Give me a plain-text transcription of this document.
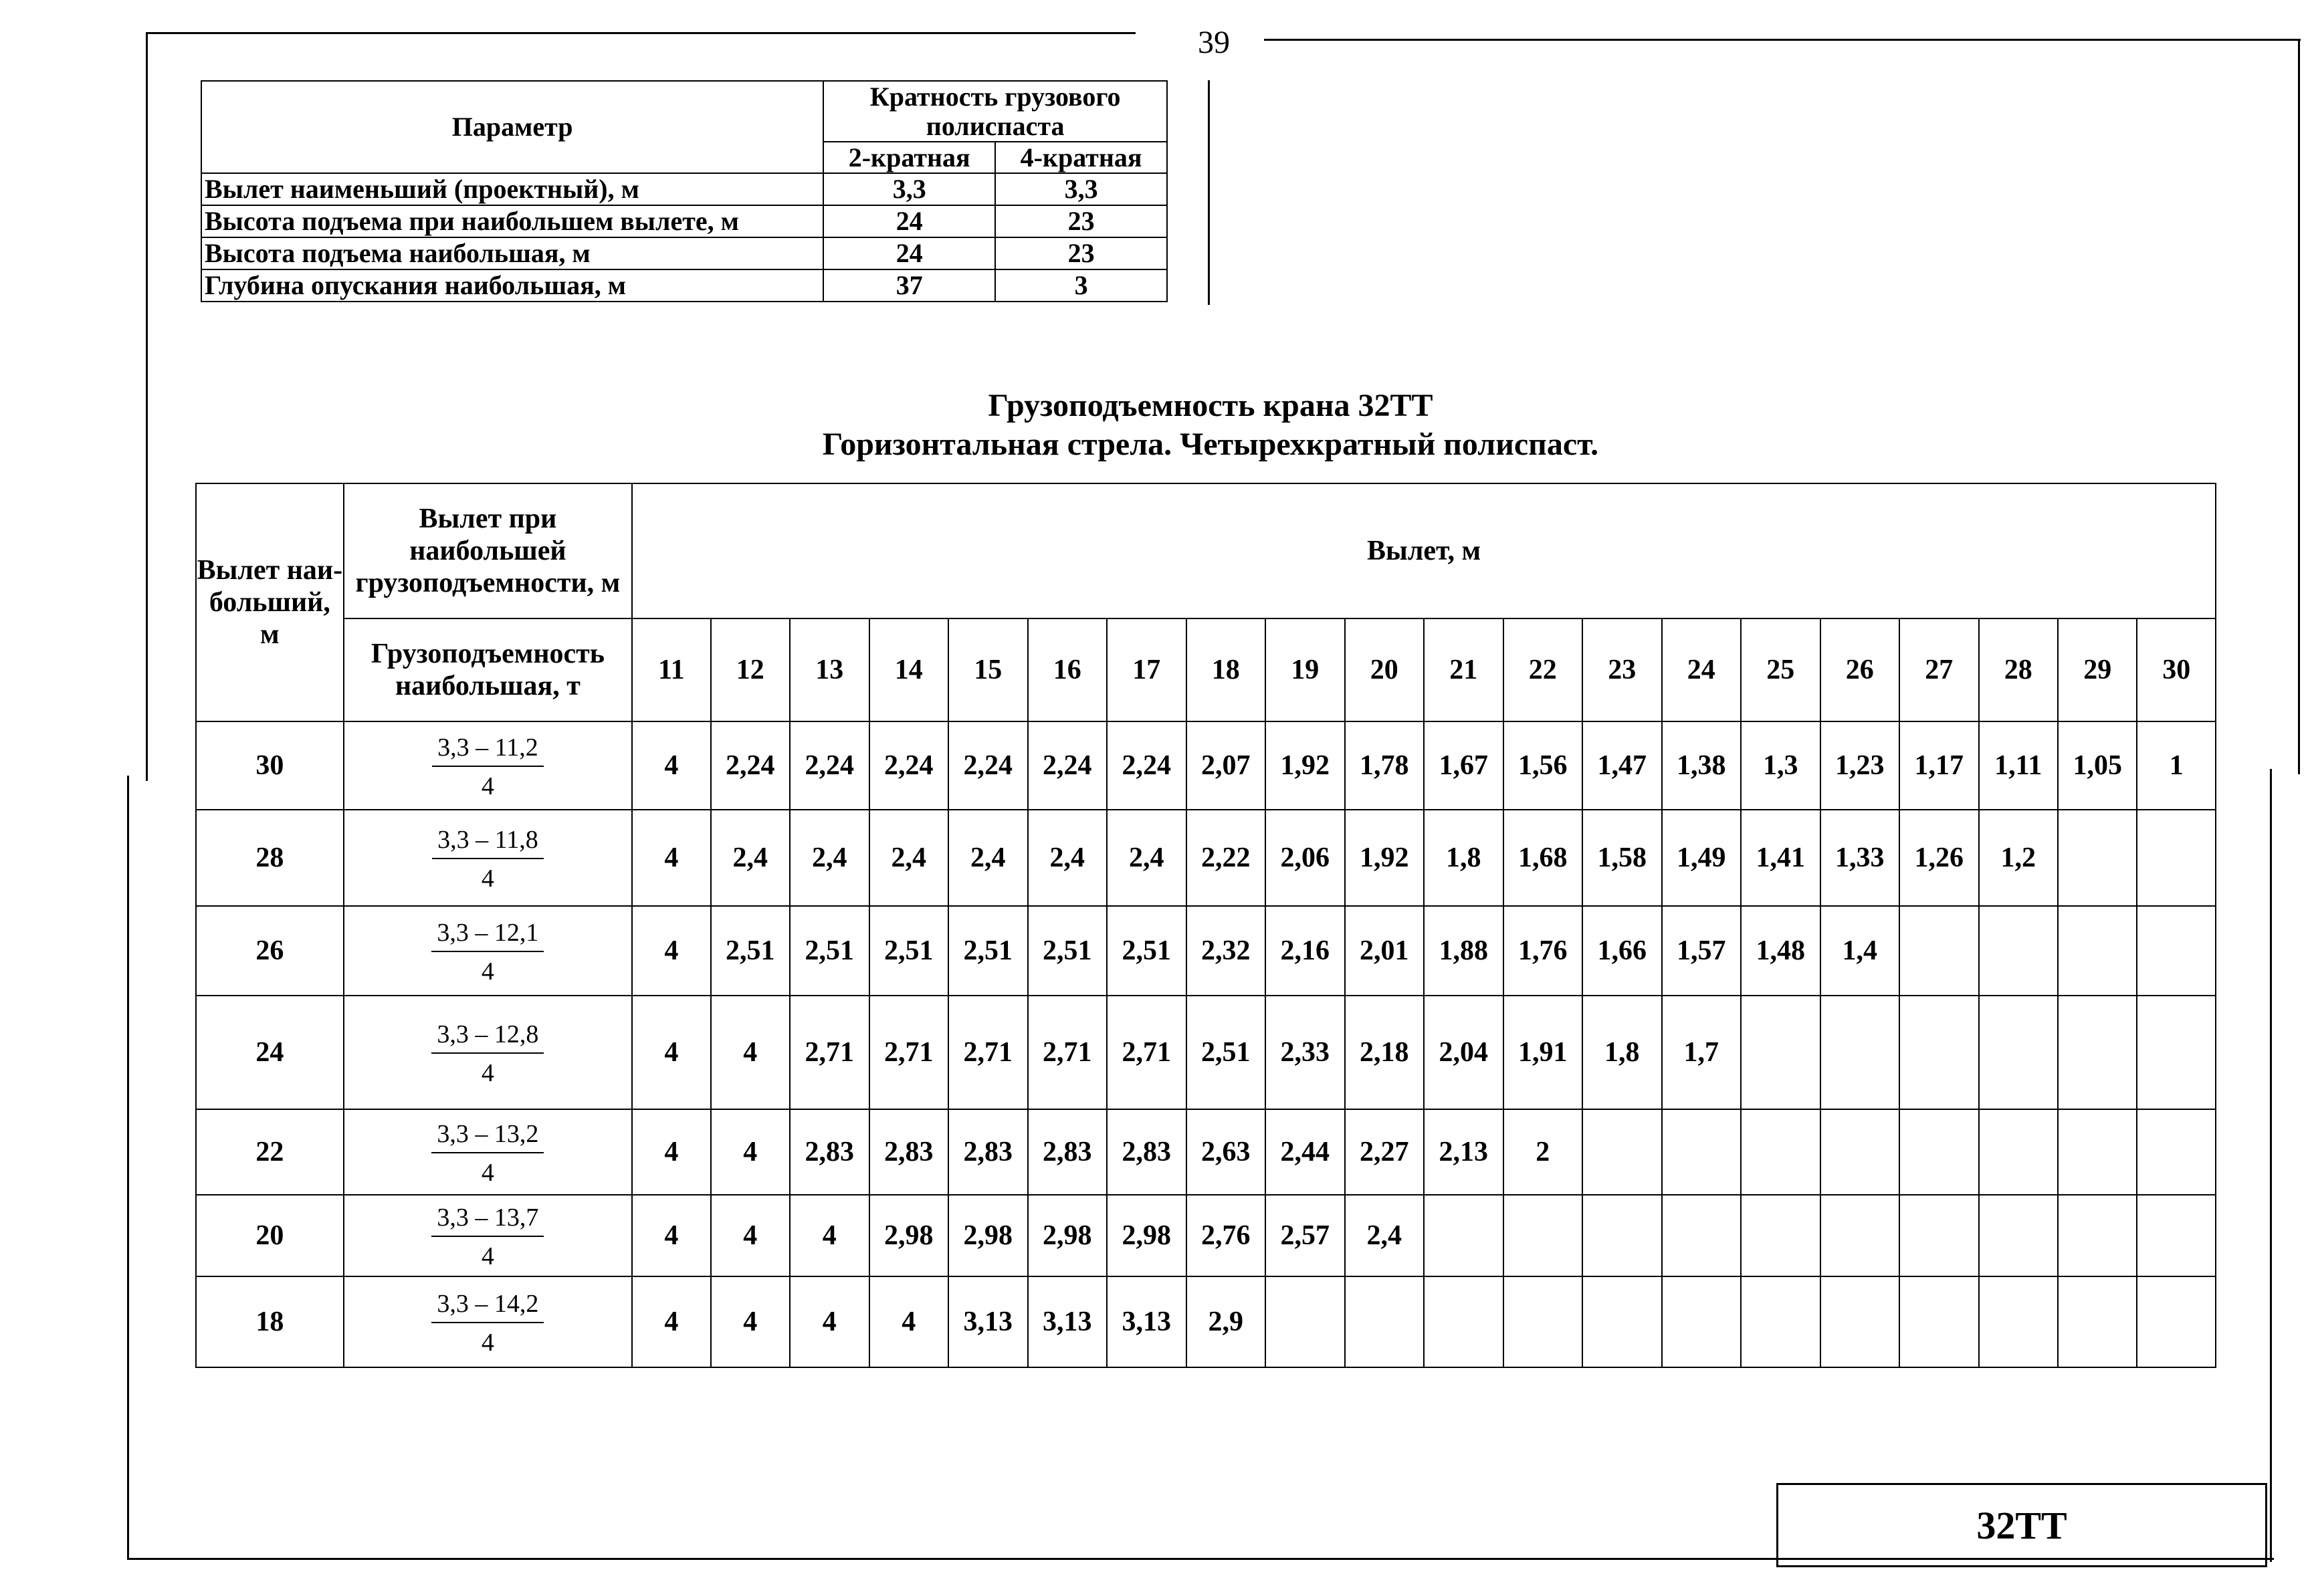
39
Параметр	Кратность грузового полиспаста	
	2-кратная	4-кратная
Вылет наименьший (проектный), м	3,3	3,3
Высота подъема при наибольшем вылете, м	24	23
Высота подъема наибольшая, м	24	23
Глубина опускания наибольшая, м	37	3
Грузоподъемность крана 32ТТ
Горизонтальная стрела. Четырехкратный полиспаст.
Вылет наи-больший, м	Вылет при наибольшей грузоподъемности, м	Вылет, м																			
	Грузоподъемность наибольшая, т	11	12	13	14	15	16	17	18	19	20	21	22	23	24	25	26	27	28	29	30
30	$\frac{3,3 - 11,2}{4}$	4	2,24	2,24	2,24	2,24	2,24	2,24	2,07	1,92	1,78	1,67	1,56	1,47	1,38	1,3	1,23	1,17	1,11	1,05	1
28	$\frac{3,3 - 11,8}{4}$	4	2,4	2,4	2,4	2,4	2,4	2,4	2,22	2,06	1,92	1,8	1,68	1,58	1,49	1,41	1,33	1,26	1,2		
26	$\frac{3,3 - 12,1}{4}$	4	2,51	2,51	2,51	2,51	2,51	2,51	2,32	2,16	2,01	1,88	1,76	1,66	1,57	1,48	1,4				
24	$\frac{3,3 - 12,8}{4}$	4	4	2,71	2,71	2,71	2,71	2,71	2,51	2,33	2,18	2,04	1,91	1,8	1,7						
22	$\frac{3,3 - 13,2}{4}$	4	4	2,83	2,83	2,83	2,83	2,83	2,63	2,44	2,27	2,13	2								
20	$\frac{3,3 - 13,7}{4}$	4	4	4	2,98	2,98	2,98	2,98	2,76	2,57	2,4										
18	$\frac{3,3 - 14,2}{4}$	4	4	4	4	3,13	3,13	3,13	2,9												
32ТТ
